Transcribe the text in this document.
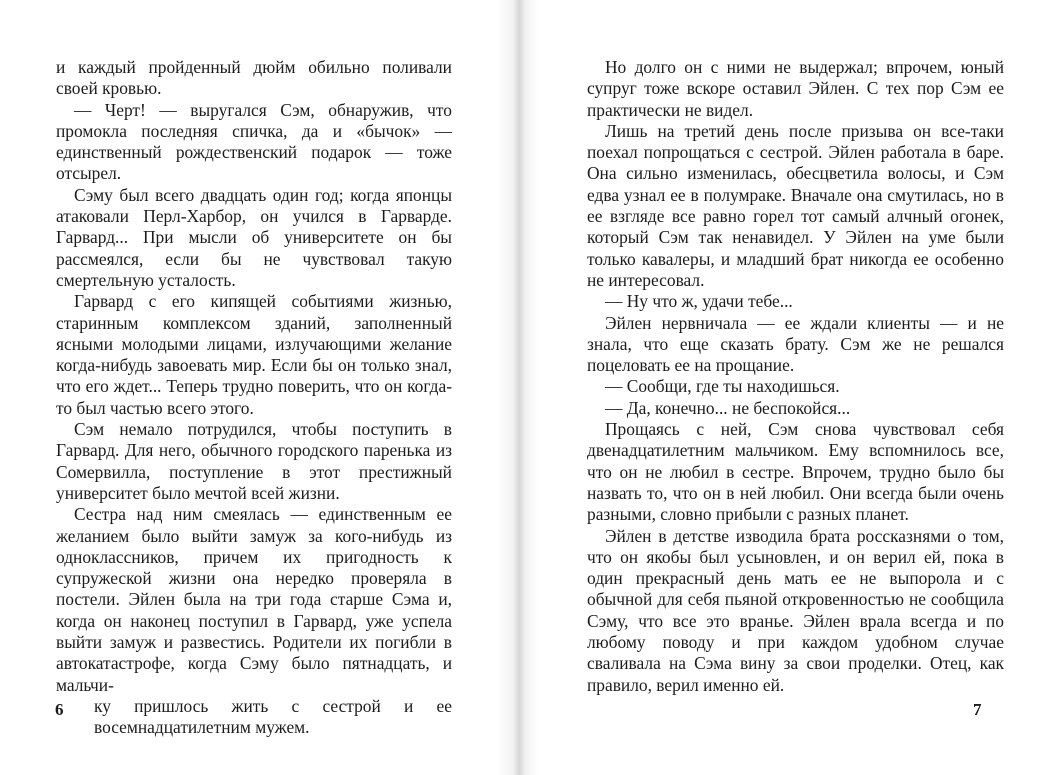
и каждый пройденный дюйм обильно поливали своей кровью.

— Черт! — выругался Сэм, обнаружив, что промокла последняя спичка, да и «бычок» — единственный рождественский подарок — тоже отсырел.

Сэму был всего двадцать один год; когда японцы атаковали Перл-Харбор, он учился в Гарварде. Гарвард... При мысли об университете он бы рассмеялся, если бы не чувствовал такую смертельную усталость.

Гарвард с его кипящей событиями жизнью, старинным комплексом зданий, заполненный ясными молодыми лицами, излучающими желание когда-нибудь завоевать мир. Если бы он только знал, что его ждет... Теперь трудно поверить, что он когда-то был частью всего этого.

Сэм немало потрудился, чтобы поступить в Гарвард. Для него, обычного городского паренька из Сомервилла, поступление в этот престижный университет было мечтой всей жизни.

Сестра над ним смеялась — единственным ее желанием было выйти замуж за кого-нибудь из одноклассников, причем их пригодность к супружеской жизни она нередко проверяла в постели. Эйлен была на три года старше Сэма и, когда он наконец поступил в Гарвард, уже успела выйти замуж и развестись. Родители их погибли в автокатастрофе, когда Сэму было пятнадцать, и мальчи-

ку пришлось жить с сестрой и ее восемнадцатилетним мужем.

6

Но долго он с ними не выдержал; впрочем, юный супруг тоже вскоре оставил Эйлен. С тех пор Сэм ее практически не видел.

Лишь на третий день после призыва он все-таки поехал попрощаться с сестрой. Эйлен работала в баре. Она сильно изменилась, обесцветила волосы, и Сэм едва узнал ее в полумраке. Вначале она смутилась, но в ее взгляде все равно горел тот самый алчный огонек, который Сэм так ненавидел. У Эйлен на уме были только кавалеры, и младший брат никогда ее особенно не интересовал.

— Ну что ж, удачи тебе...

Эйлен нервничала — ее ждали клиенты — и не знала, что еще сказать брату. Сэм же не решался поцеловать ее на прощание.

— Сообщи, где ты находишься.

— Да, конечно... не беспокойся...

Прощаясь с ней, Сэм снова чувствовал себя двенадцатилетним мальчиком. Ему вспомнилось все, что он не любил в сестре. Впрочем, трудно было бы назвать то, что он в ней любил. Они всегда были очень разными, словно прибыли с разных планет.

Эйлен в детстве изводила брата россказнями о том, что он якобы был усыновлен, и он верил ей, пока в один прекрасный день мать ее не выпорола и с обычной для себя пьяной откровенностью не сообщила Сэму, что все это вранье. Эйлен врала всегда и по любому поводу и при каждом удобном случае сваливала на Сэма вину за свои проделки. Отец, как правило, верил именно ей.

7
